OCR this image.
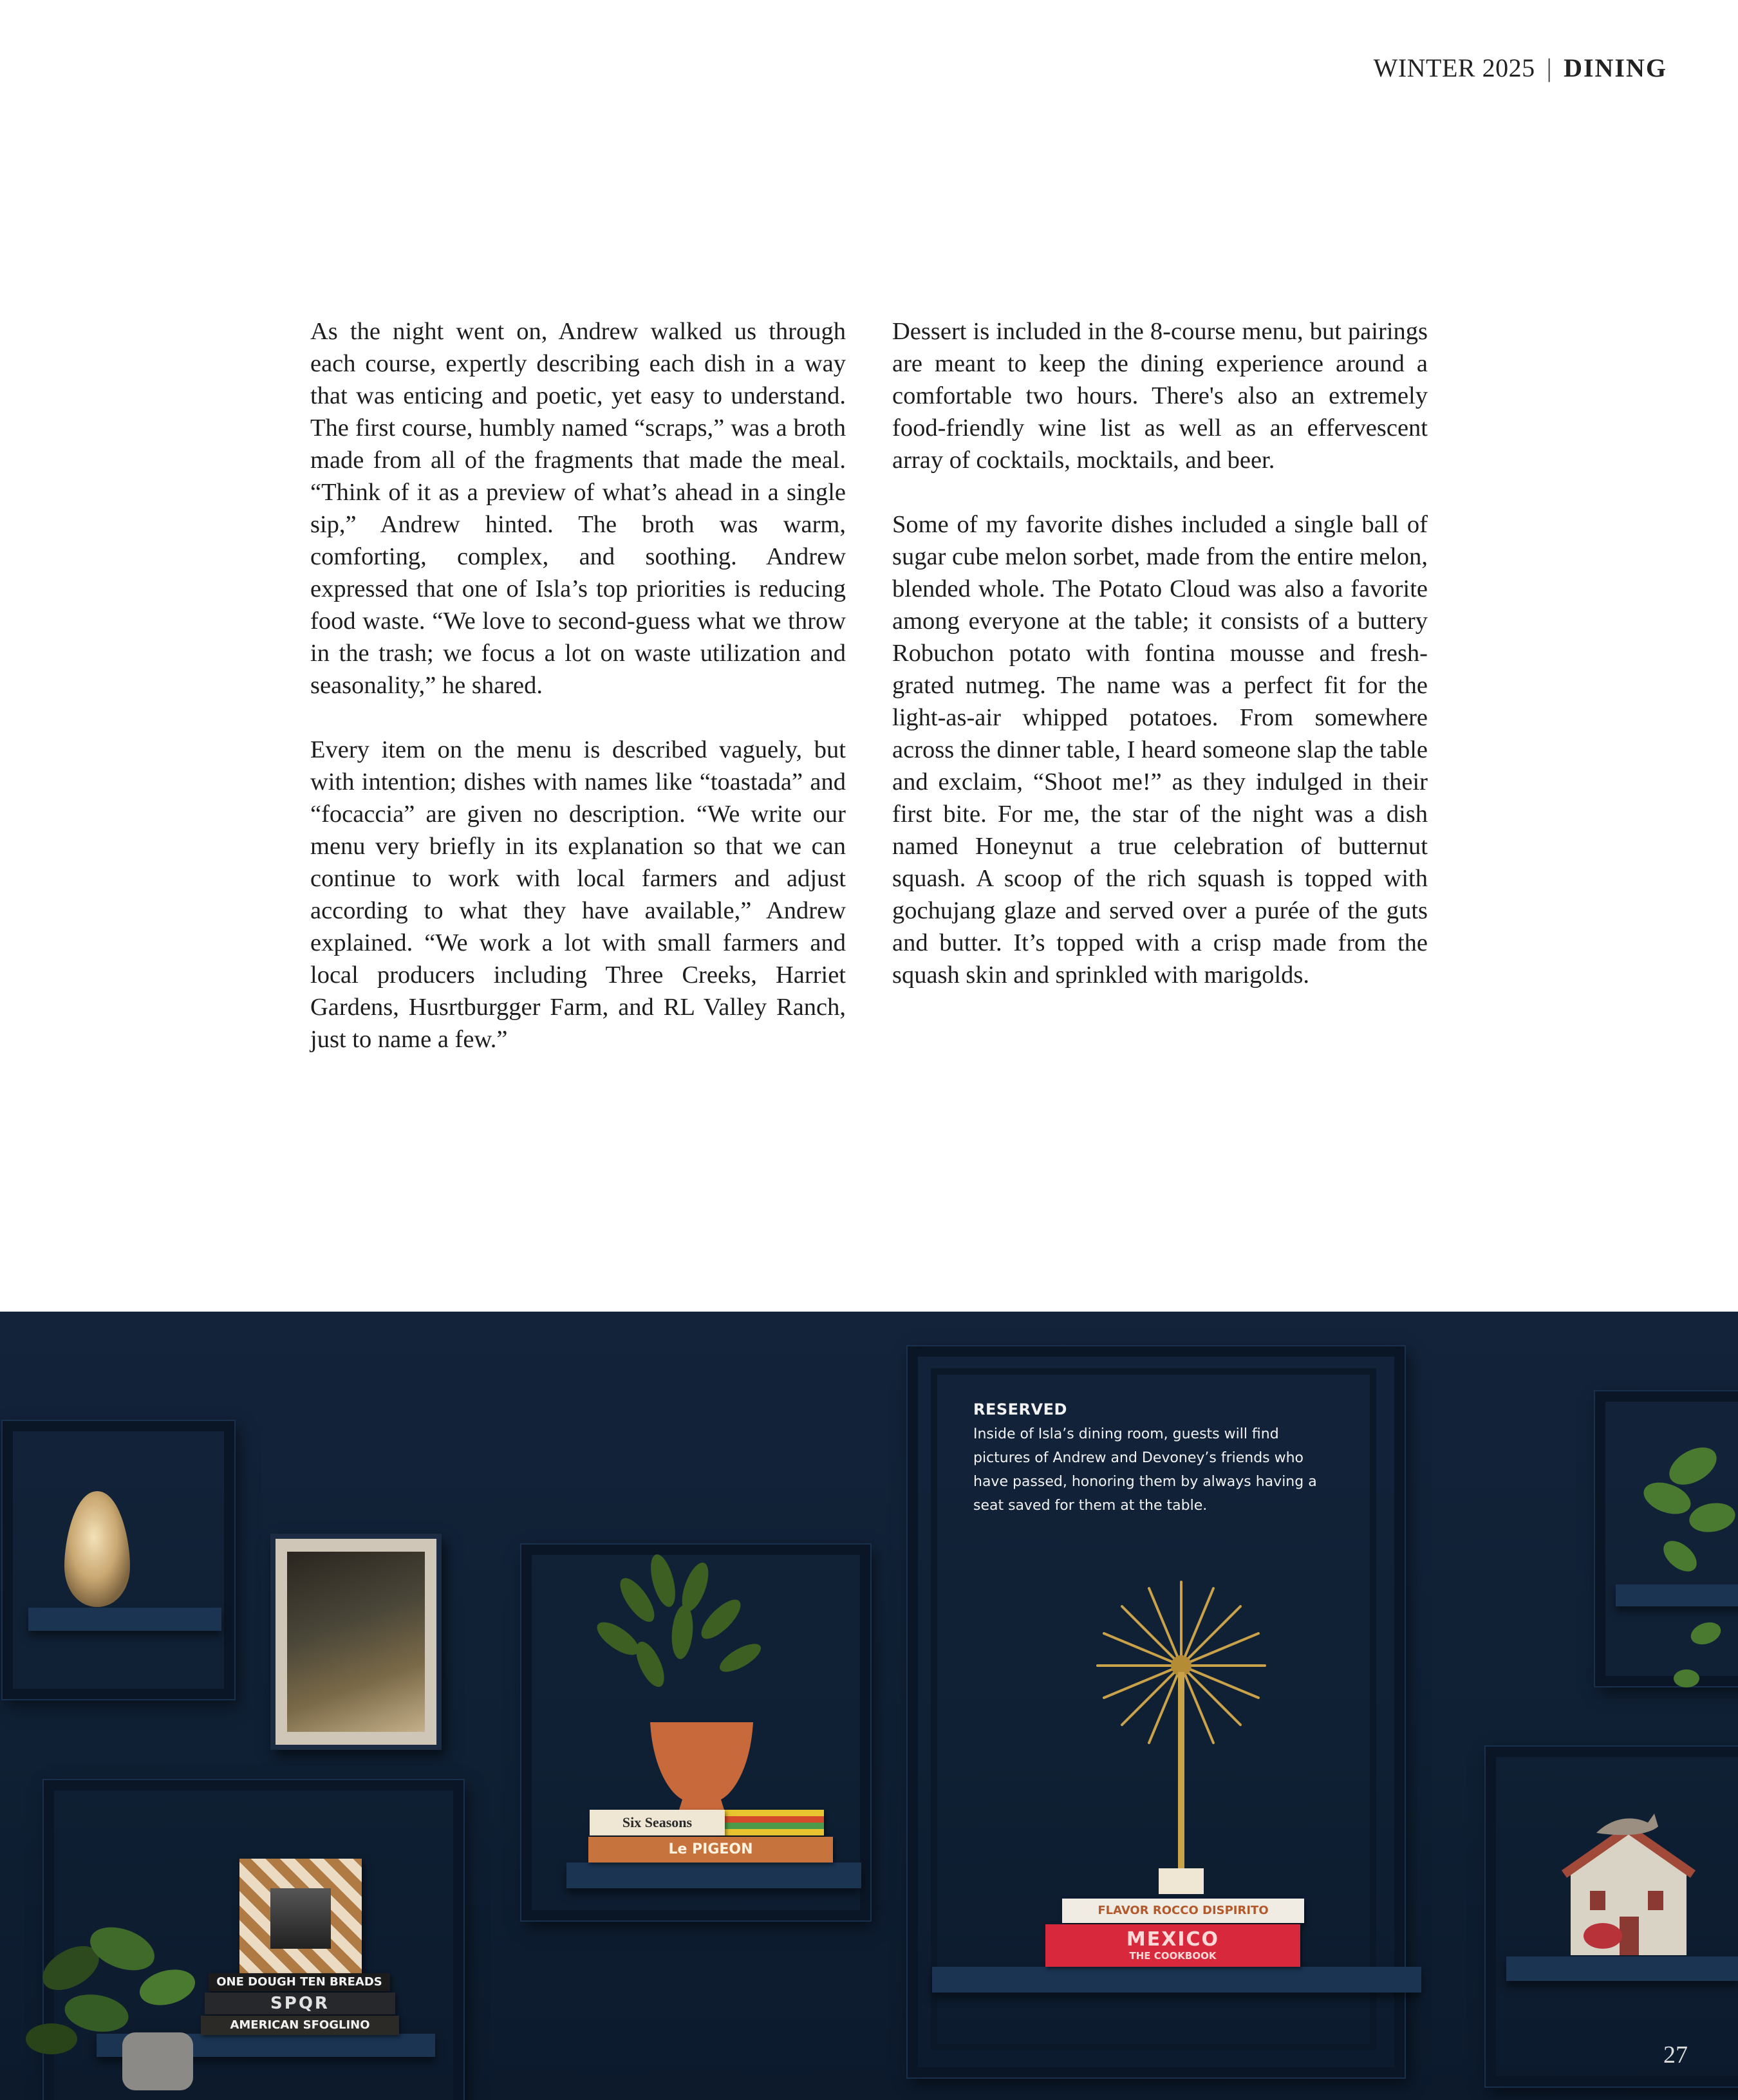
WINTER 2025 | DINING

As the night went on, Andrew walked us through each course, expertly describing each dish in a way that was enticing and poetic, yet easy to understand. The first course, humbly named “scraps,” was a broth made from all of the fragments that made the meal. “Think of it as a preview of what’s ahead in a single sip,” Andrew hinted. The broth was warm, comforting, complex, and soothing. Andrew expressed that one of Isla’s top priorities is reducing food waste. “We love to second-guess what we throw in the trash; we focus a lot on waste utilization and seasonality,” he shared.

Every item on the menu is described vaguely, but with intention; dishes with names like “toastada” and “focaccia” are given no description. “We write our menu very briefly in its explanation so that we can continue to work with local farmers and adjust according to what they have available,” Andrew explained. “We work a lot with small farmers and local producers including Three Creeks, Harriet Gardens, Husrtburgger Farm, and RL Valley Ranch, just to name a few.”

Dessert is included in the 8-course menu, but pairings are meant to keep the dining experience around a comfortable two hours. There's also an extremely food-friendly wine list as well as an effervescent array of cocktails, mocktails, and beer.

Some of my favorite dishes included a single ball of sugar cube melon sorbet, made from the entire melon, blended whole. The Potato Cloud was also a favorite among everyone at the table; it consists of a buttery Robuchon potato with fontina mousse and fresh-grated nutmeg. The name was a perfect fit for the light-as-air whipped potatoes. From somewhere across the dinner table, I heard someone slap the table and exclaim, “Shoot me!” as they indulged in their first bite. For me, the star of the night was a dish named Honeynut a true celebration of butternut squash. A scoop of the rich squash is topped with gochujang glaze and served over a purée of the guts and butter. It’s topped with a crisp made from the squash skin and sprinkled with marigolds.

ONE DOUGH TEN BREADS
SPQR
AMERICAN SFOGLINO
Six Seasons
Le PIGEON
FLAVOR ROCCO DISPIRITO
MEXICO
THE COOKBOOK
RESERVED
Inside of Isla’s dining room, guests will find pictures of Andrew and Devoney’s friends who have passed, honoring them by always having a seat saved for them at the table.
27
